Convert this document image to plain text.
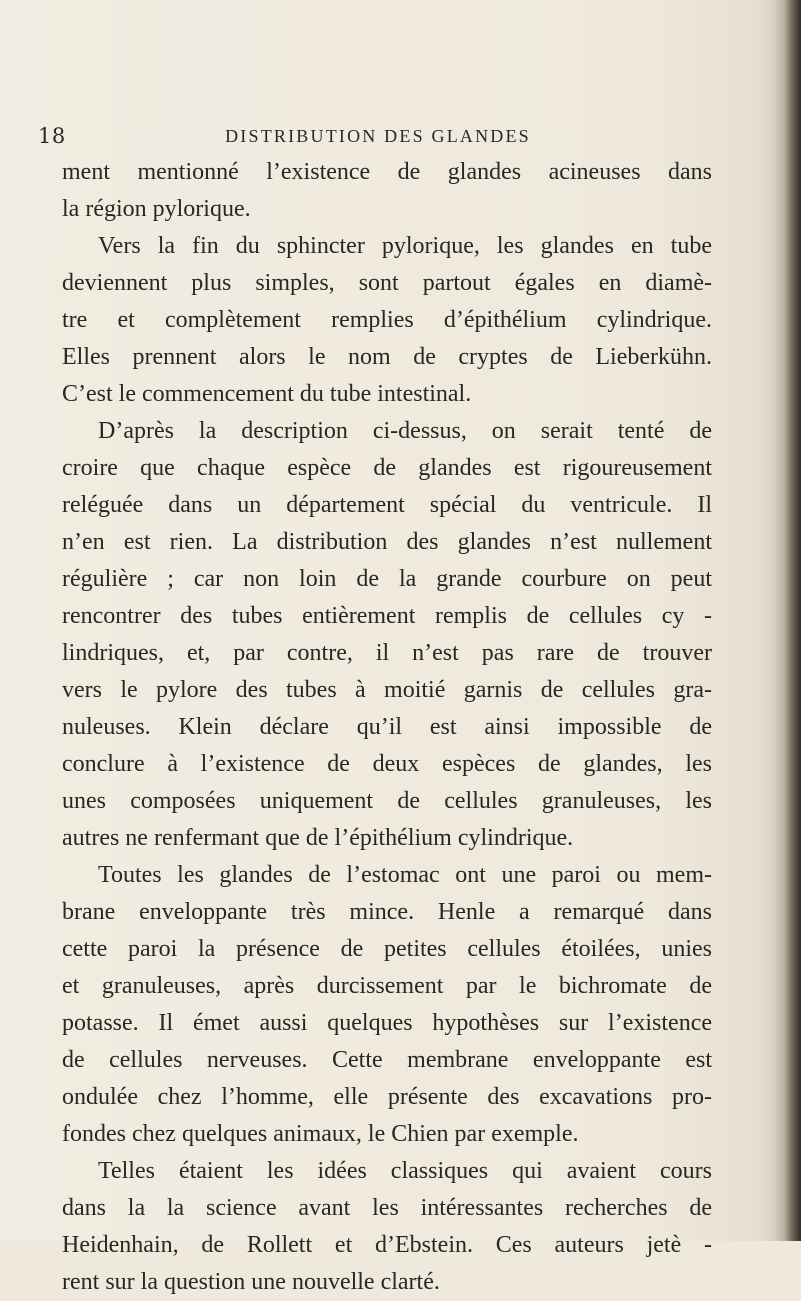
18	DISTRIBUTION DES GLANDES
ment mentionné l’existence de glandes acineuses dans
la région pylorique.
Vers la fin du sphincter pylorique, les glandes en tube
deviennent plus simples, sont partout égales en diamè-
tre et complètement remplies d’épithélium cylindrique.
Elles prennent alors le nom de cryptes de Lieberkühn.
C’est le commencement du tube intestinal.
D’après la description ci-dessus, on serait tenté de
croire que chaque espèce de glandes est rigoureusement
reléguée dans un département spécial du ventricule. Il
n’en est rien. La distribution des glandes n’est nullement
régulière ; car non loin de la grande courbure on peut
rencontrer des tubes entièrement remplis de cellules cy -
lindriques, et, par contre, il n’est pas rare de trouver
vers le pylore des tubes à moitié garnis de cellules gra-
nuleuses. Klein déclare qu’il est ainsi impossible de
conclure à l’existence de deux espèces de glandes, les
unes composées uniquement de cellules granuleuses, les
autres ne renfermant que de l’épithélium cylindrique.
Toutes les glandes de l’estomac ont une paroi ou mem-
brane enveloppante très mince. Henle a remarqué dans
cette paroi la présence de petites cellules étoilées, unies
et granuleuses, après durcissement par le bichromate de
potasse. Il émet aussi quelques hypothèses sur l’existence
de cellules nerveuses. Cette membrane enveloppante est
ondulée chez l’homme, elle présente des excavations pro-
fondes chez quelques animaux, le Chien par exemple.
Telles étaient les idées classiques qui avaient cours
dans la la science avant les intéressantes recherches de
Heidenhain, de Rollett et d’Ebstein. Ces auteurs jetè -
rent sur la question une nouvelle clarté.
